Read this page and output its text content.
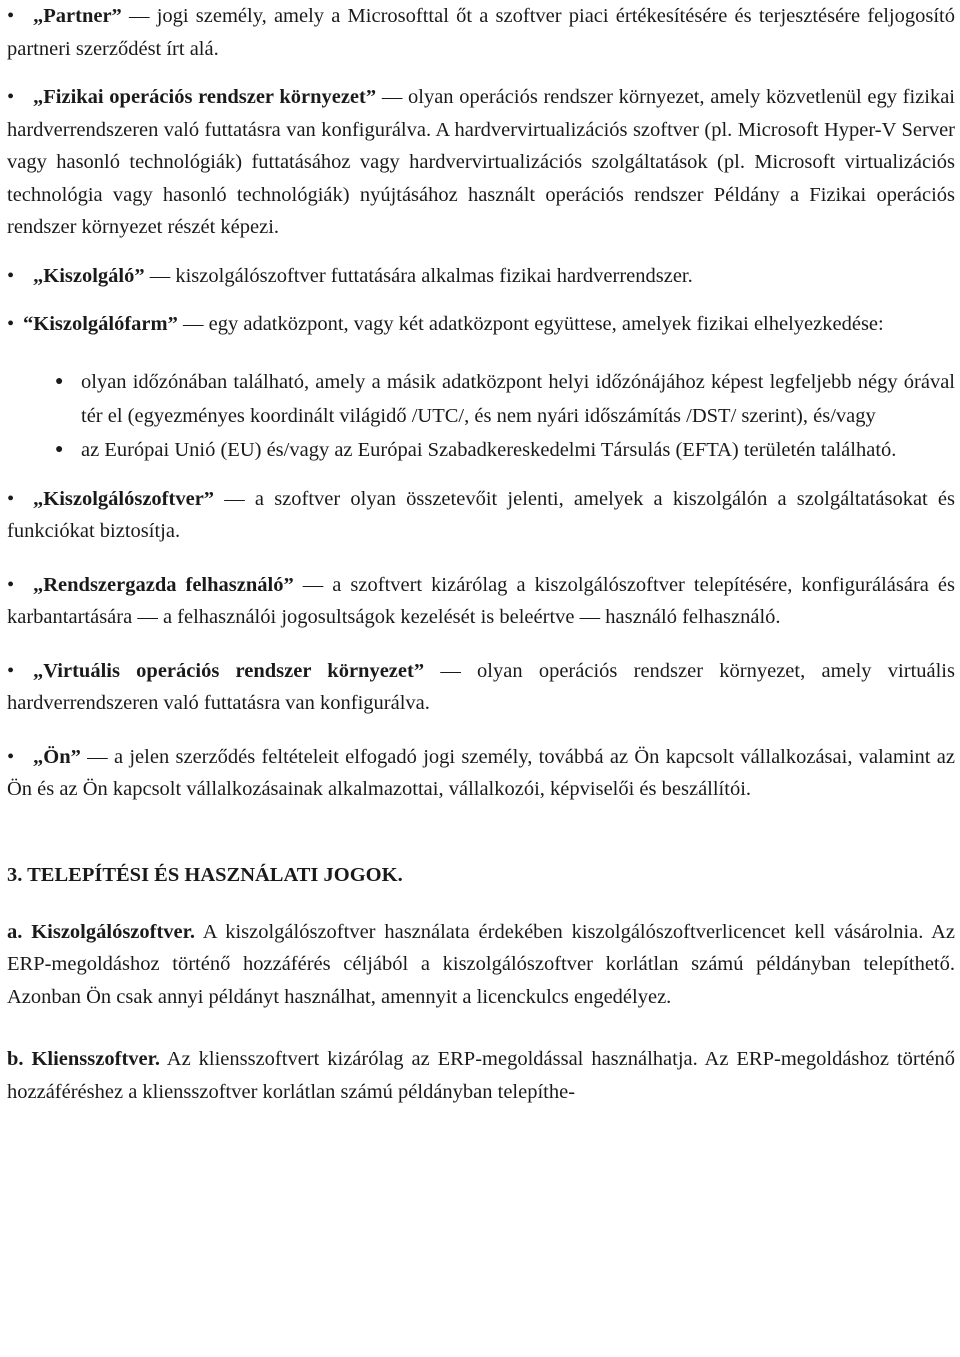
• „Partner” — jogi személy, amely a Microsofttal őt a szoftver piaci értékesítésére és terjesztésére feljogosító partneri szerződést írt alá.

• „Fizikai operációs rendszer környezet” — olyan operációs rendszer környezet, amely közvetlenül egy fizikai hardverrendszeren való futtatásra van konfigurálva. A hardvervirtualizációs szoftver (pl. Microsoft Hyper-V Server vagy hasonló technológiák) futtatásához vagy hardvervirtualizációs szolgáltatások (pl. Microsoft virtualizációs technológia vagy hasonló technológiák) nyújtásához használt operációs rendszer Példány a Fizikai operációs rendszer környezet részét képezi.

• „Kiszolgáló” — kiszolgálószoftver futtatására alkalmas fizikai hardverrendszer.

• “Kiszolgálófarm” — egy adatközpont, vagy két adatközpont együttese, amelyek fizikai elhelyezkedése:

● olyan időzónában található, amely a másik adatközpont helyi időzónájához képest legfeljebb négy órával tér el (egyezményes koordinált világidő /UTC/, és nem nyári időszámítás /DST/ szerint), és/vagy
● az Európai Unió (EU) és/vagy az Európai Szabadkereskedelmi Társulás (EFTA) területén található.

• „Kiszolgálószoftver” — a szoftver olyan összetevőit jelenti, amelyek a kiszolgálón a szolgáltatásokat és funkciókat biztosítja.

• „Rendszergazda felhasználó” — a szoftvert kizárólag a kiszolgálószoftver telepítésére, konfigurálására és karbantartására — a felhasználói jogosultságok kezelését is beleértve — használó felhasználó.

• „Virtuális operációs rendszer környezet” — olyan operációs rendszer környezet, amely virtuális hardverrendszeren való futtatásra van konfigurálva.

• „Ön” — a jelen szerződés feltételeit elfogadó jogi személy, továbbá az Ön kapcsolt vállalkozásai, valamint az Ön és az Ön kapcsolt vállalkozásainak alkalmazottai, vállalkozói, képviselői és beszállítói.

3. TELEPÍTÉSI ÉS HASZNÁLATI JOGOK.

a. Kiszolgálószoftver. A kiszolgálószoftver használata érdekében kiszolgálószoftverlicencet kell vásárolnia. Az ERP-megoldáshoz történő hozzáférés céljából a kiszolgálószoftver korlátlan számú példányban telepíthető. Azonban Ön csak annyi példányt használhat, amennyit a licenckulcs engedélyez.

b. Kliensszoftver. Az kliensszoftvert kizárólag az ERP-megoldással használhatja. Az ERP-megoldáshoz történő hozzáféréshez a kliensszoftver korlátlan számú példányban telepíthe-
